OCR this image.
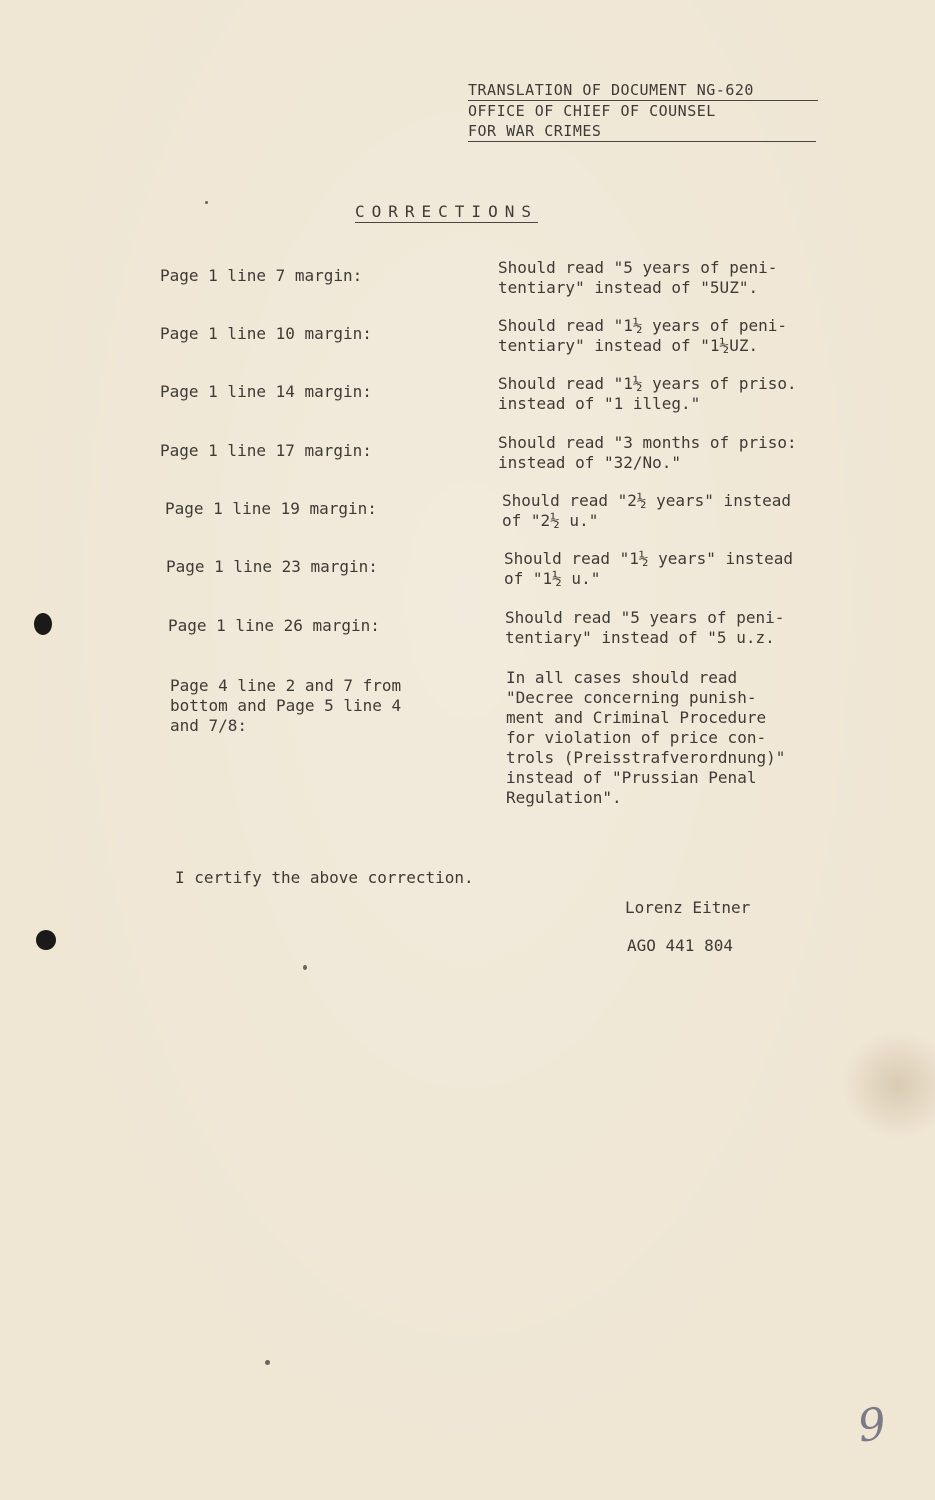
TRANSLATION OF DOCUMENT NG-620
OFFICE OF CHIEF OF COUNSEL
FOR WAR CRIMES
CORRECTIONS
Page 1 line 7 margin:	Should read "5 years of peni-
tentiary" instead of "5UZ".
Page 1 line 10 margin:	Should read "1½ years of peni-
tentiary" instead of "1½UZ.
Page 1 line 14 margin:	Should read "1½ years of priso.
instead of "1 illeg."
Page 1 line 17 margin:	Should read "3 months of priso:
instead of "32/No."
Page 1 line 19 margin:	Should read "2½ years" instead
of "2½ u."
Page 1 line 23 margin:	Should read "1½ years" instead
of "1½ u."
Page 1 line 26 margin:	Should read "5 years of peni-
tentiary" instead of "5 u.z.
Page 4 line 2 and 7 from
bottom and Page 5 line 4
and 7/8:
In all cases should read
"Decree concerning punish-
ment and Criminal Procedure
for violation of price con-
trols (Preisstrafverordnung)"
instead of "Prussian Penal
Regulation".
I certify the above correction.
Lorenz Eitner
AGO 441 804
9
